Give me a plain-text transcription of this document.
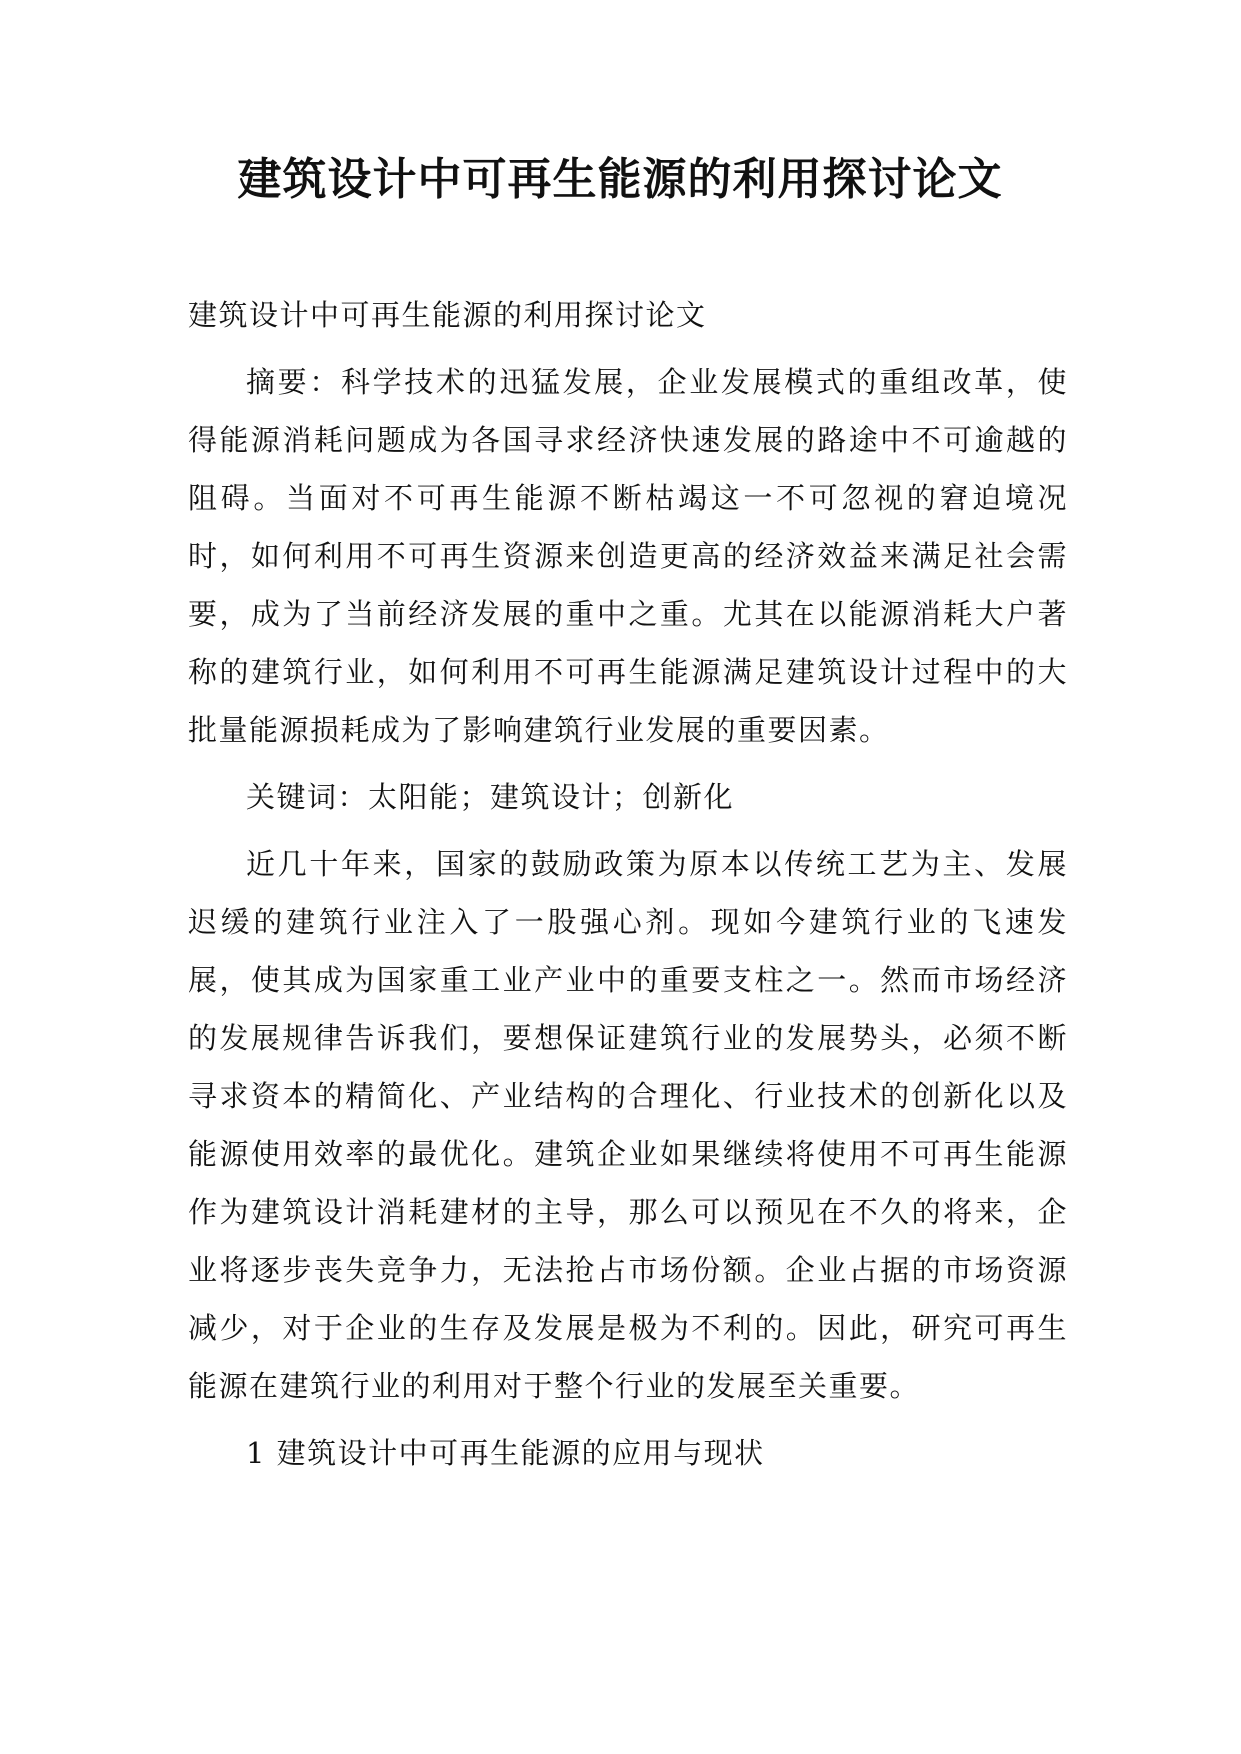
建筑设计中可再生能源的利用探讨论文

建筑设计中可再生能源的利用探讨论文

摘要：科学技术的迅猛发展，企业发展模式的重组改革，使得能源消耗问题成为各国寻求经济快速发展的路途中不可逾越的阻碍。当面对不可再生能源不断枯竭这一不可忽视的窘迫境况时，如何利用不可再生资源来创造更高的经济效益来满足社会需要，成为了当前经济发展的重中之重。尤其在以能源消耗大户著称的建筑行业，如何利用不可再生能源满足建筑设计过程中的大批量能源损耗成为了影响建筑行业发展的重要因素。

关键词：太阳能；建筑设计；创新化

近几十年来，国家的鼓励政策为原本以传统工艺为主、发展迟缓的建筑行业注入了一股强心剂。现如今建筑行业的飞速发展，使其成为国家重工业产业中的重要支柱之一。然而市场经济的发展规律告诉我们，要想保证建筑行业的发展势头，必须不断寻求资本的精简化、产业结构的合理化、行业技术的创新化以及能源使用效率的最优化。建筑企业如果继续将使用不可再生能源作为建筑设计消耗建材的主导，那么可以预见在不久的将来，企业将逐步丧失竞争力，无法抢占市场份额。企业占据的市场资源减少，对于企业的生存及发展是极为不利的。因此，研究可再生能源在建筑行业的利用对于整个行业的发展至关重要。

1 建筑设计中可再生能源的应用与现状
